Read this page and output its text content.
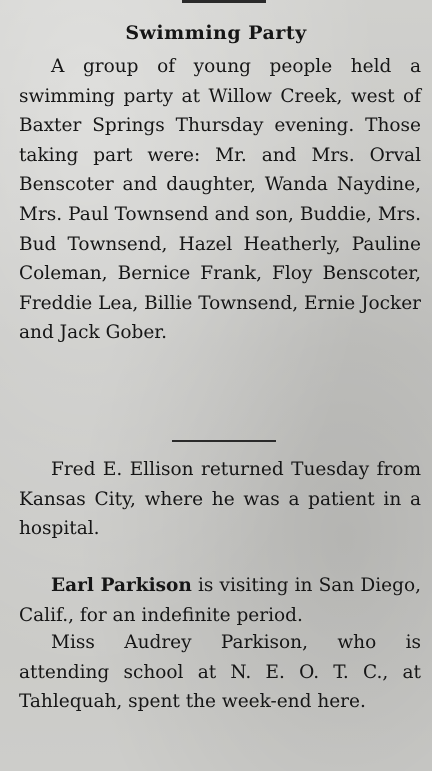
Swimming Party

A group of young people held a swimming party at Willow Creek, west of Baxter Springs Thursday evening. Those taking part were: Mr. and Mrs. Orval Benscoter and daughter, Wanda Naydine, Mrs. Paul Townsend and son, Buddie, Mrs. Bud Townsend, Hazel Heatherly, Pauline Coleman, Bernice Frank, Floy Benscoter, Freddie Lea, Billie Townsend, Ernie Jocker and Jack Gober.

Fred E. Ellison returned Tuesday from Kansas City, where he was a patient in a hospital.

Earl Parkison is visiting in San Diego, Calif., for an indefinite period.

Miss Audrey Parkison, who is attending school at N. E. O. T. C., at Tahlequah, spent the week-end here.
